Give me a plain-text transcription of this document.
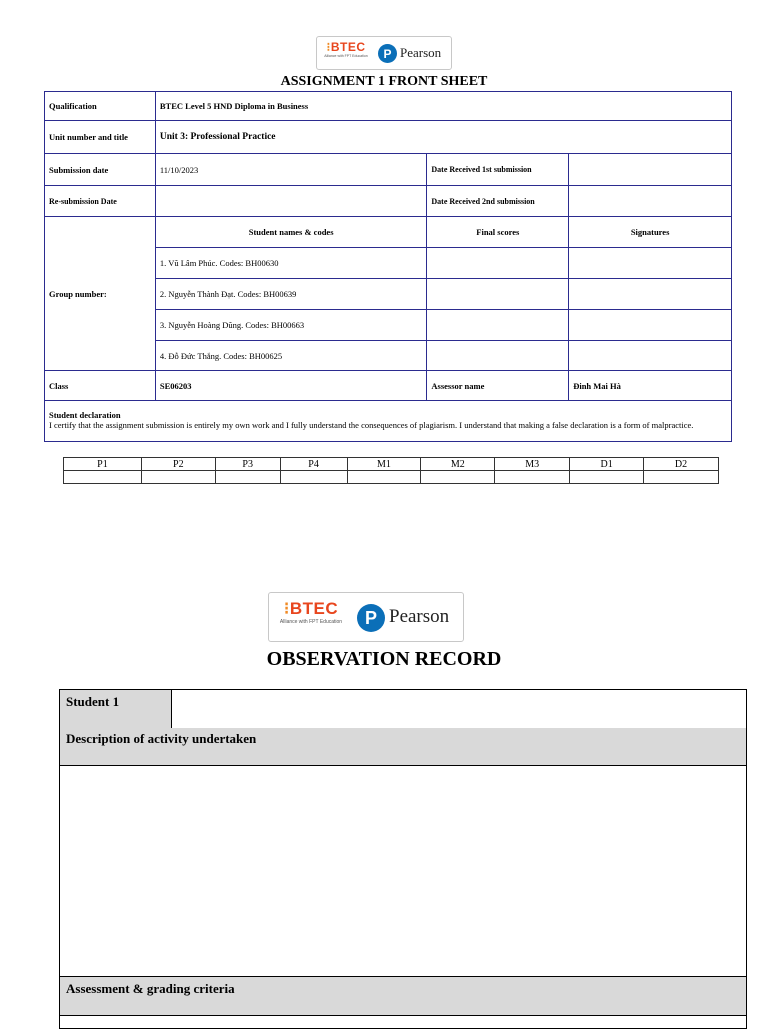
⁝BTEC
Alliance with FPT Education	P Pearson
ASSIGNMENT 1 FRONT SHEET
Qualification	BTEC Level 5 HND Diploma in Business		
Unit number and title	Unit 3: Professional Practice		
Submission date	11/10/2023	Date Received 1st submission	
Re-submission Date		Date Received 2nd submission	
Group number:	Student names & codes	Final scores	Signatures
	1. Vũ Lâm Phúc. Codes: BH00630		
	2. Nguyễn Thành Đạt. Codes: BH00639		
	3. Nguyễn Hoàng Dũng. Codes: BH00663		
	4. Đỗ Đức Thắng. Codes: BH00625		
Class	SE06203	Assessor name	Đinh Mai Hà

Student declaration
I certify that the assignment submission is entirely my own work and I fully understand the consequences of plagiarism. I understand that making a false declaration is a form of malpractice.			
P1	P2	P3	P4	M1	M2	M3	D1	D2

⁝BTEC
Alliance with FPT Education	P Pearson
OBSERVATION RECORD
Student 1
Description of activity undertaken
Assessment & grading criteria
